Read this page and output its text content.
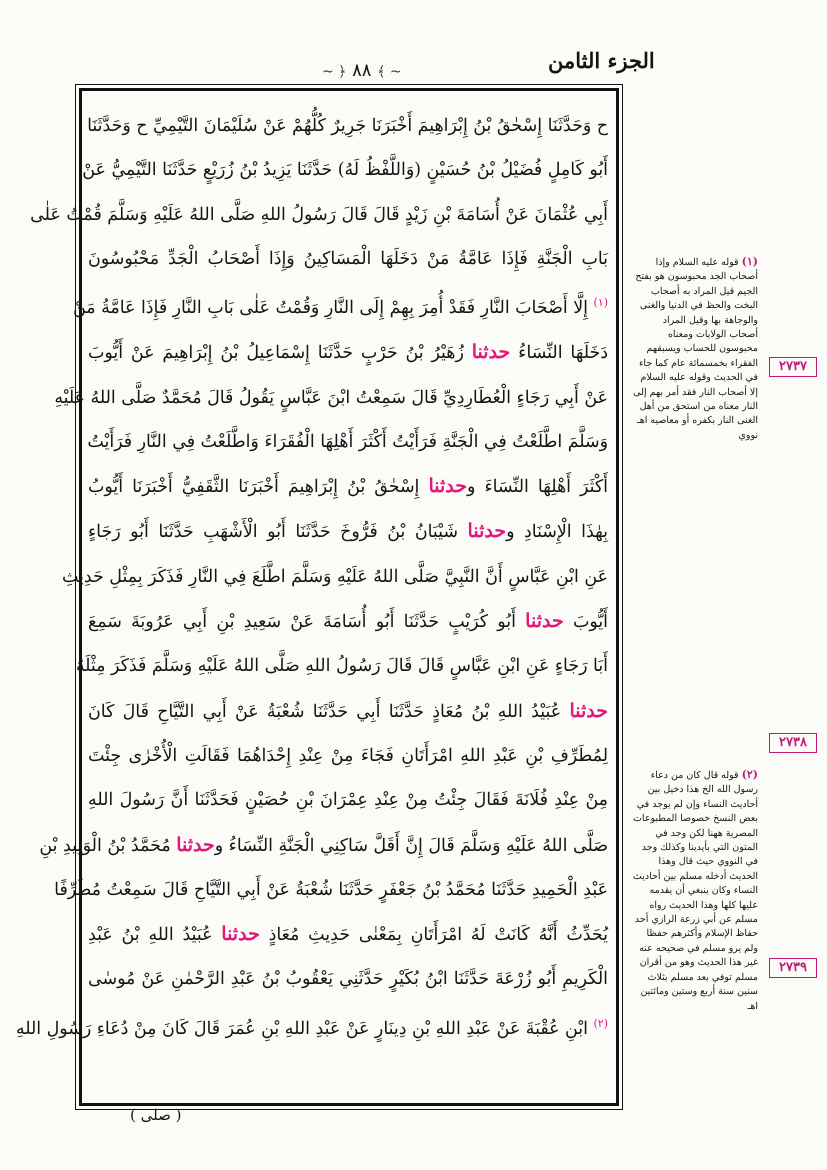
الجزء الثامن
~ ﴾ ٨٨ ﴿ ~
ح وَحَدَّثَنَا إِسْحٰقُ بْنُ إِبْرَاهِيمَ أَخْبَرَنَا جَرِيرٌ كُلُّهُمْ عَنْ سُلَيْمَانَ التَّيْمِيِّ ح وَحَدَّثَنَا
أَبُو كَامِلٍ فُضَيْلُ بْنُ حُسَيْنٍ (وَاللَّفْظُ لَهُ) حَدَّثَنَا يَزِيدُ بْنُ زُرَيْعٍ حَدَّثَنَا التَّيْمِيُّ عَنْ
أَبِي عُثْمَانَ عَنْ أُسَامَةَ بْنِ زَيْدٍ قَالَ قَالَ رَسُولُ اللهِ صَلَّى اللهُ عَلَيْهِ وَسَلَّمَ قُمْتُ عَلٰى
بَابِ الْجَنَّةِ فَإِذَا عَامَّةُ مَنْ دَخَلَهَا الْمَسَاكِينُ وَإِذَا أَصْحَابُ الْجَدِّ مَحْبُوسُونَ
$^{(١)}$ إِلَّا أَصْحَابَ النَّارِ فَقَدْ أُمِرَ بِهِمْ إِلَى النَّارِ وَقُمْتُ عَلٰى بَابِ النَّارِ فَإِذَا عَامَّةُ مَنْ
دَخَلَهَا النِّسَاءُ حدثنا زُهَيْرُ بْنُ حَرْبٍ حَدَّثَنَا إِسْمَاعِيلُ بْنُ إِبْرَاهِيمَ عَنْ أَيُّوبَ
عَنْ أَبِي رَجَاءٍ الْعُطَارِدِيِّ قَالَ سَمِعْتُ ابْنَ عَبَّاسٍ يَقُولُ قَالَ مُحَمَّدٌ صَلَّى اللهُ عَلَيْهِ
وَسَلَّمَ اطَّلَعْتُ فِي الْجَنَّةِ فَرَأَيْتُ أَكْثَرَ أَهْلِهَا الْفُقَرَاءَ وَاطَّلَعْتُ فِي النَّارِ فَرَأَيْتُ
أَكْثَرَ أَهْلِهَا النِّسَاءَ وحدثنا إِسْحٰقُ بْنُ إِبْرَاهِيمَ أَخْبَرَنَا الثَّقَفِيُّ أَخْبَرَنَا أَيُّوبُ
بِهٰذَا الْإِسْنَادِ وحدثنا شَيْبَانُ بْنُ فَرُّوخَ حَدَّثَنَا أَبُو الْأَشْهَبِ حَدَّثَنَا أَبُو رَجَاءٍ
عَنِ ابْنِ عَبَّاسٍ أَنَّ النَّبِيَّ صَلَّى اللهُ عَلَيْهِ وَسَلَّمَ اطَّلَعَ فِي النَّارِ فَذَكَرَ بِمِثْلِ حَدِيثِ
أَيُّوبَ حدثنا أَبُو كُرَيْبٍ حَدَّثَنَا أَبُو أُسَامَةَ عَنْ سَعِيدِ بْنِ أَبِي عَرُوبَةَ سَمِعَ
أَبَا رَجَاءٍ عَنِ ابْنِ عَبَّاسٍ قَالَ قَالَ رَسُولُ اللهِ صَلَّى اللهُ عَلَيْهِ وَسَلَّمَ فَذَكَرَ مِثْلَهُ
حدثنا عُبَيْدُ اللهِ بْنُ مُعَاذٍ حَدَّثَنَا أَبِي حَدَّثَنَا شُعْبَةُ عَنْ أَبِي التَّيَّاحِ قَالَ كَانَ
لِمُطَرِّفِ بْنِ عَبْدِ اللهِ امْرَأَتَانِ فَجَاءَ مِنْ عِنْدِ إِحْدَاهُمَا فَقَالَتِ الْأُخْرٰى جِئْتَ
مِنْ عِنْدِ فُلَانَةَ فَقَالَ جِئْتُ مِنْ عِنْدِ عِمْرَانَ بْنِ حُصَيْنٍ فَحَدَّثَنَا أَنَّ رَسُولَ اللهِ
صَلَّى اللهُ عَلَيْهِ وَسَلَّمَ قَالَ إِنَّ أَقَلَّ سَاكِنِي الْجَنَّةِ النِّسَاءُ وحدثنا مُحَمَّدُ بْنُ الْوَلِيدِ بْنِ
عَبْدِ الْحَمِيدِ حَدَّثَنَا مُحَمَّدُ بْنُ جَعْفَرٍ حَدَّثَنَا شُعْبَةُ عَنْ أَبِي التَّيَّاحِ قَالَ سَمِعْتُ مُطَرِّفًا
يُحَدِّثُ أَنَّهُ كَانَتْ لَهُ امْرَأَتَانِ بِمَعْنٰى حَدِيثِ مُعَاذٍ حدثنا عُبَيْدُ اللهِ بْنُ عَبْدِ
الْكَرِيمِ أَبُو زُرْعَةَ حَدَّثَنَا ابْنُ بُكَيْرٍ حَدَّثَنِي يَعْقُوبُ بْنُ عَبْدِ الرَّحْمٰنِ عَنْ مُوسٰى
$^{(٢)}$ ابْنِ عُقْبَةَ عَنْ عَبْدِ اللهِ بْنِ دِينَارٍ عَنْ عَبْدِ اللهِ بْنِ عُمَرَ قَالَ كَانَ مِنْ دُعَاءِ رَسُولِ اللهِ
(١) قوله عليه السلام وإذا أصحاب الجد محبوسون هو بفتح الجيم قيل المراد به أصحاب البخت والحظ في الدنيا والغنى والوجاهة بها وقيل المراد أصحاب الولايات ومعناه محبوسون للحساب ويسبقهم الفقراء بخمسمائة عام كما جاء في الحديث وقوله عليه السلام إلا أصحاب النار فقد أمر بهم إلى النار معناه من استحق من أهل الغنى النار بكفره أو معاصيه اهـ نووي
٢٧٣٧
٢٧٣٨
(٢) قوله قال كان من دعاء رسول الله الخ هذا دخيل بين أحاديث النساء وإن لم يوجد في بعض النسخ خصوصا المطبوعات المصرية ههنا لكن وجد في المتون التي بأيدينا وكذلك وجد في النووي حيث قال وهذا الحديث أدخله مسلم بين أحاديث النساء وكان ينبغي أن يقدمه عليها كلها وهذا الحديث رواه مسلم عن أبي زرعة الرازي أحد حفاظ الإسلام وأكثرهم حفظا ولم يرو مسلم في صحيحه عنه غير هذا الحديث وهو من أقران مسلم توفي بعد مسلم بثلاث سنين سنة أربع وستين ومائتين اهـ
٢٧٣٩
( صلى )
